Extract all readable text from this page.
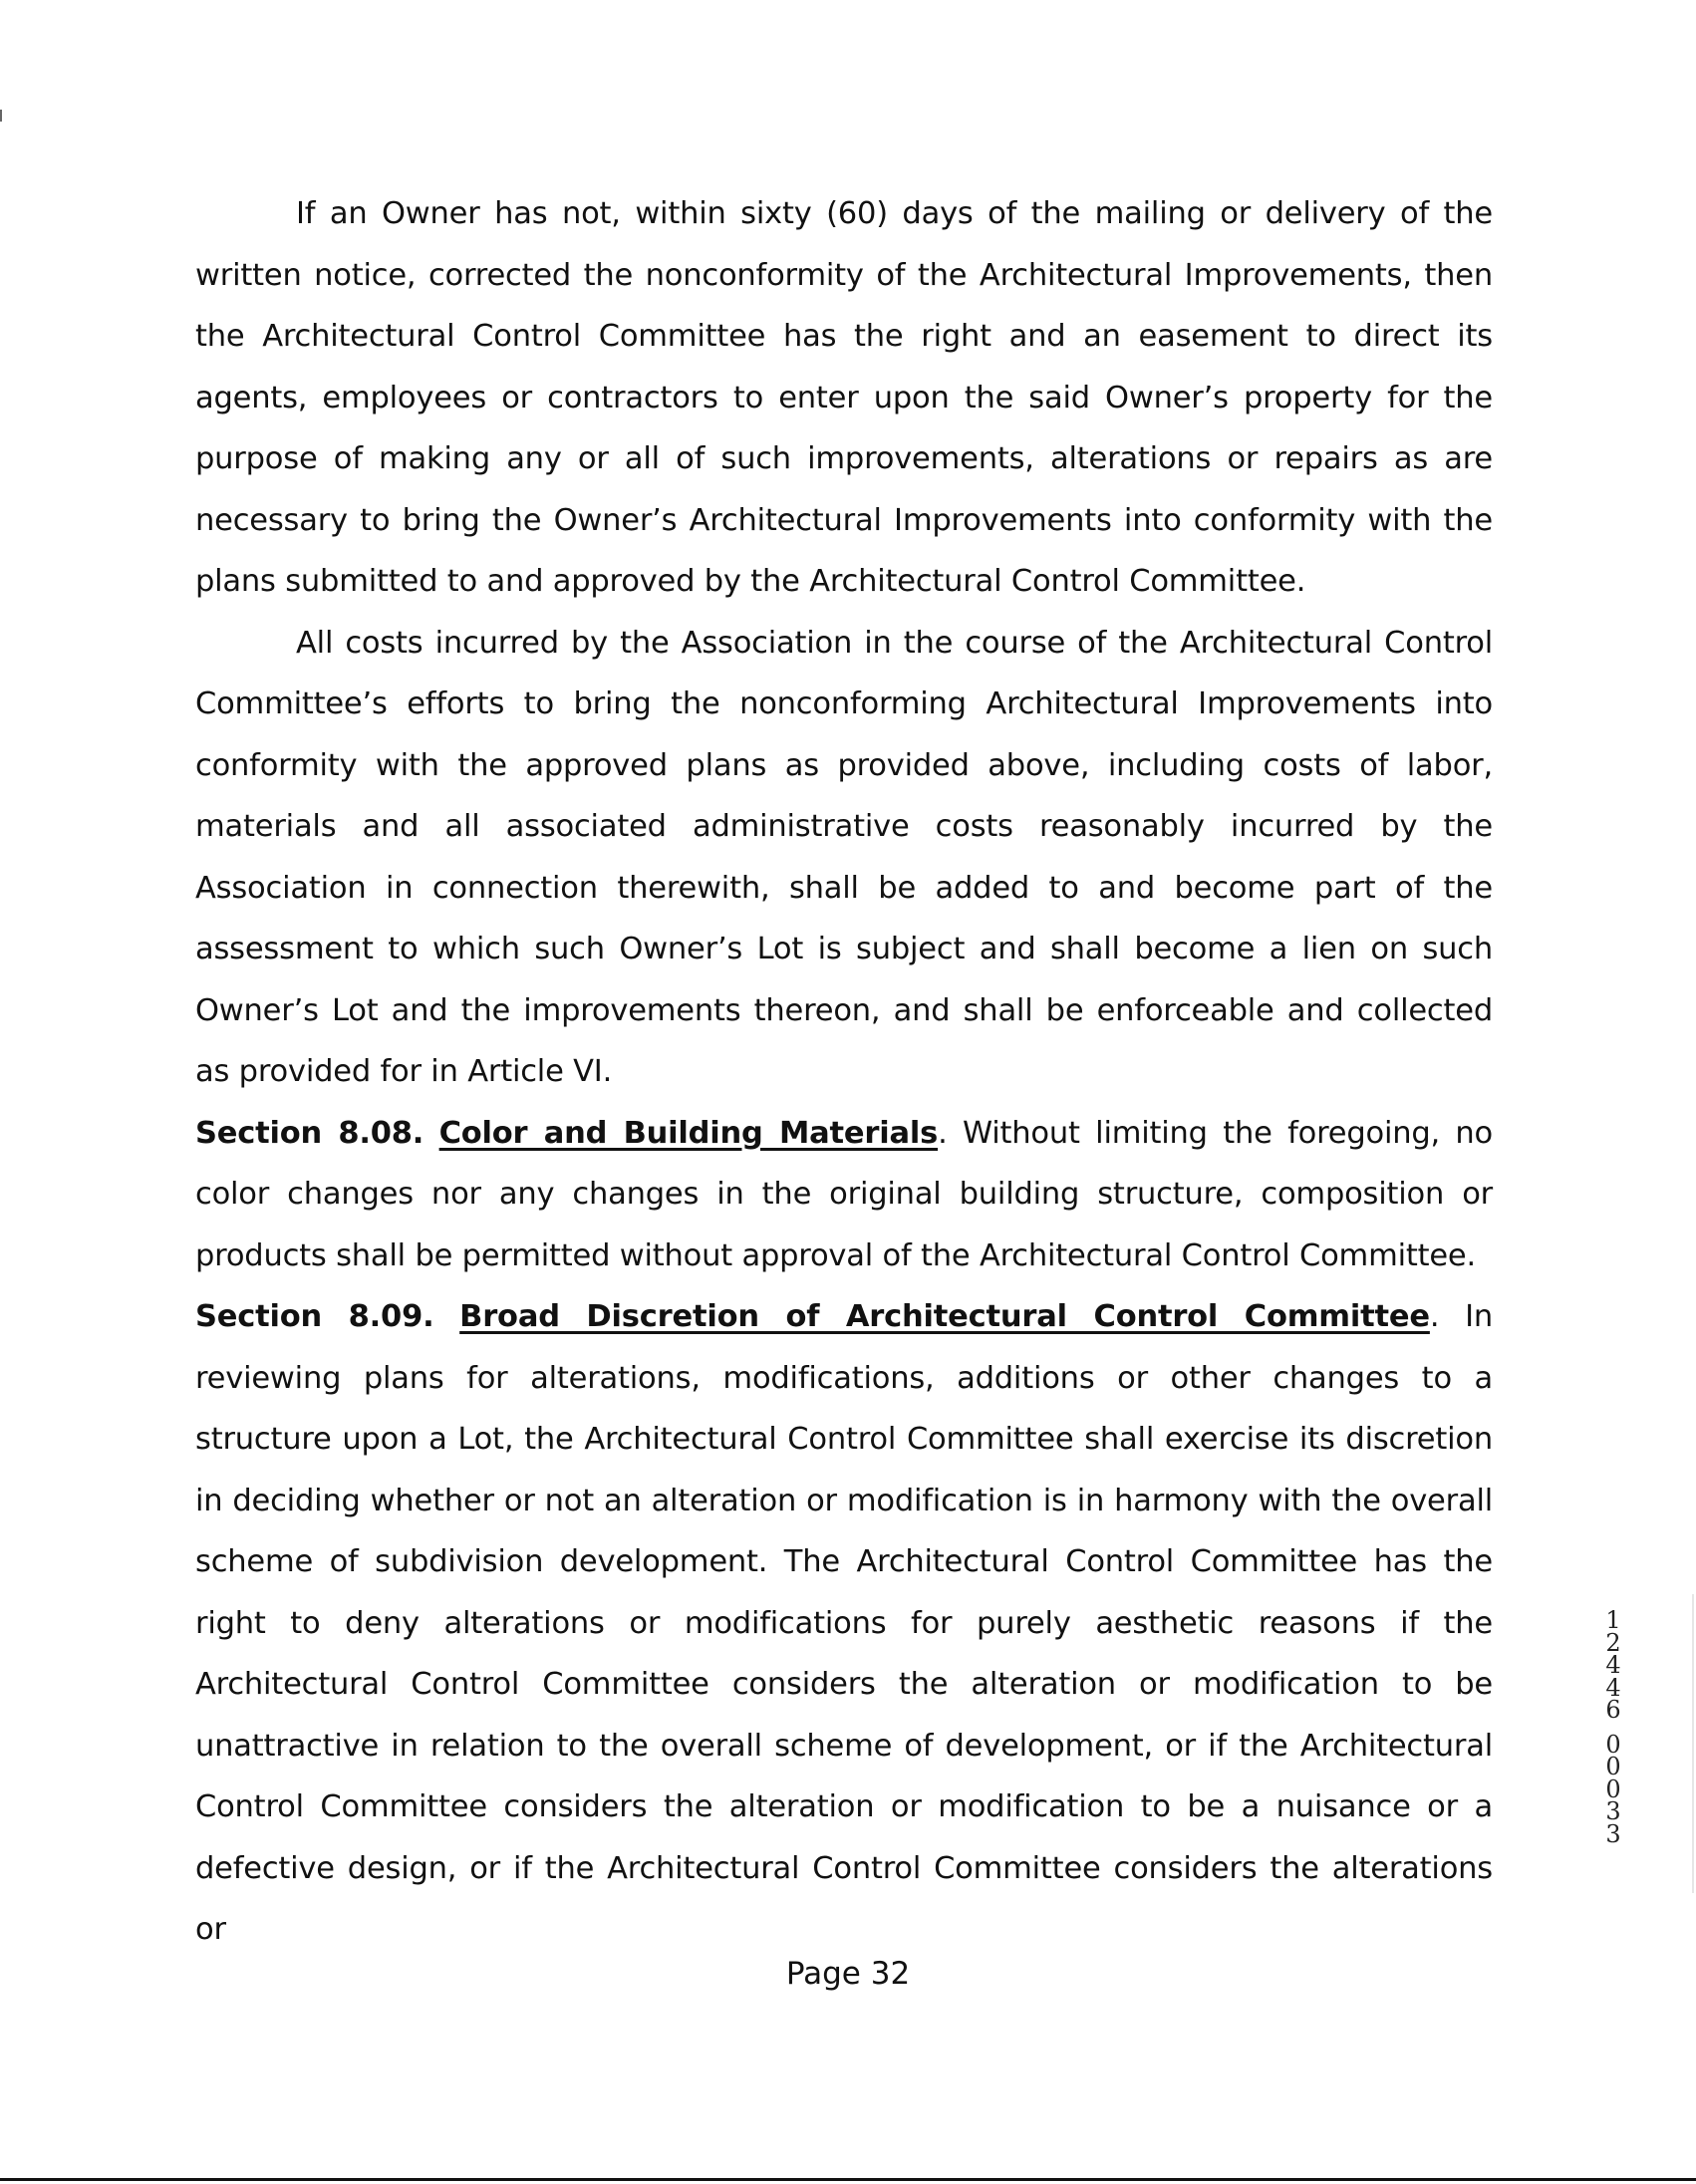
If an Owner has not, within sixty (60) days of the mailing or delivery of the written notice, corrected the nonconformity of the Architectural Improvements, then the Architectural Control Committee has the right and an easement to direct its agents, employees or contractors to enter upon the said Owner’s property for the purpose of making any or all of such improvements, alterations or repairs as are necessary to bring the Owner’s Architectural Improvements into conformity with the plans submitted to and approved by the Architectural Control Committee.

All costs incurred by the Association in the course of the Architectural Control Committee’s efforts to bring the nonconforming Architectural Improvements into conformity with the approved plans as provided above, including costs of labor, materials and all associated administrative costs reasonably incurred by the Association in connection therewith, shall be added to and become part of the assessment to which such Owner’s Lot is subject and shall become a lien on such Owner’s Lot and the improvements thereon, and shall be enforceable and collected as provided for in Article VI.

Section 8.08. Color and Building Materials. Without limiting the foregoing, no color changes nor any changes in the original building structure, composition or products shall be permitted without approval of the Architectural Control Committee.

Section 8.09. Broad Discretion of Architectural Control Committee. In reviewing plans for alterations, modifications, additions or other changes to a structure upon a Lot, the Architectural Control Committee shall exercise its discretion in deciding whether or not an alteration or modification is in harmony with the overall scheme of subdivision development. The Architectural Control Committee has the right to deny alterations or modifications for purely aesthetic reasons if the Architectural Control Committee considers the alteration or modification to be unattractive in relation to the overall scheme of development, or if the Architectural Control Committee considers the alteration or modification to be a nuisance or a defective design, or if the Architectural Control Committee considers the alterations or

12446
00033
Page 32
